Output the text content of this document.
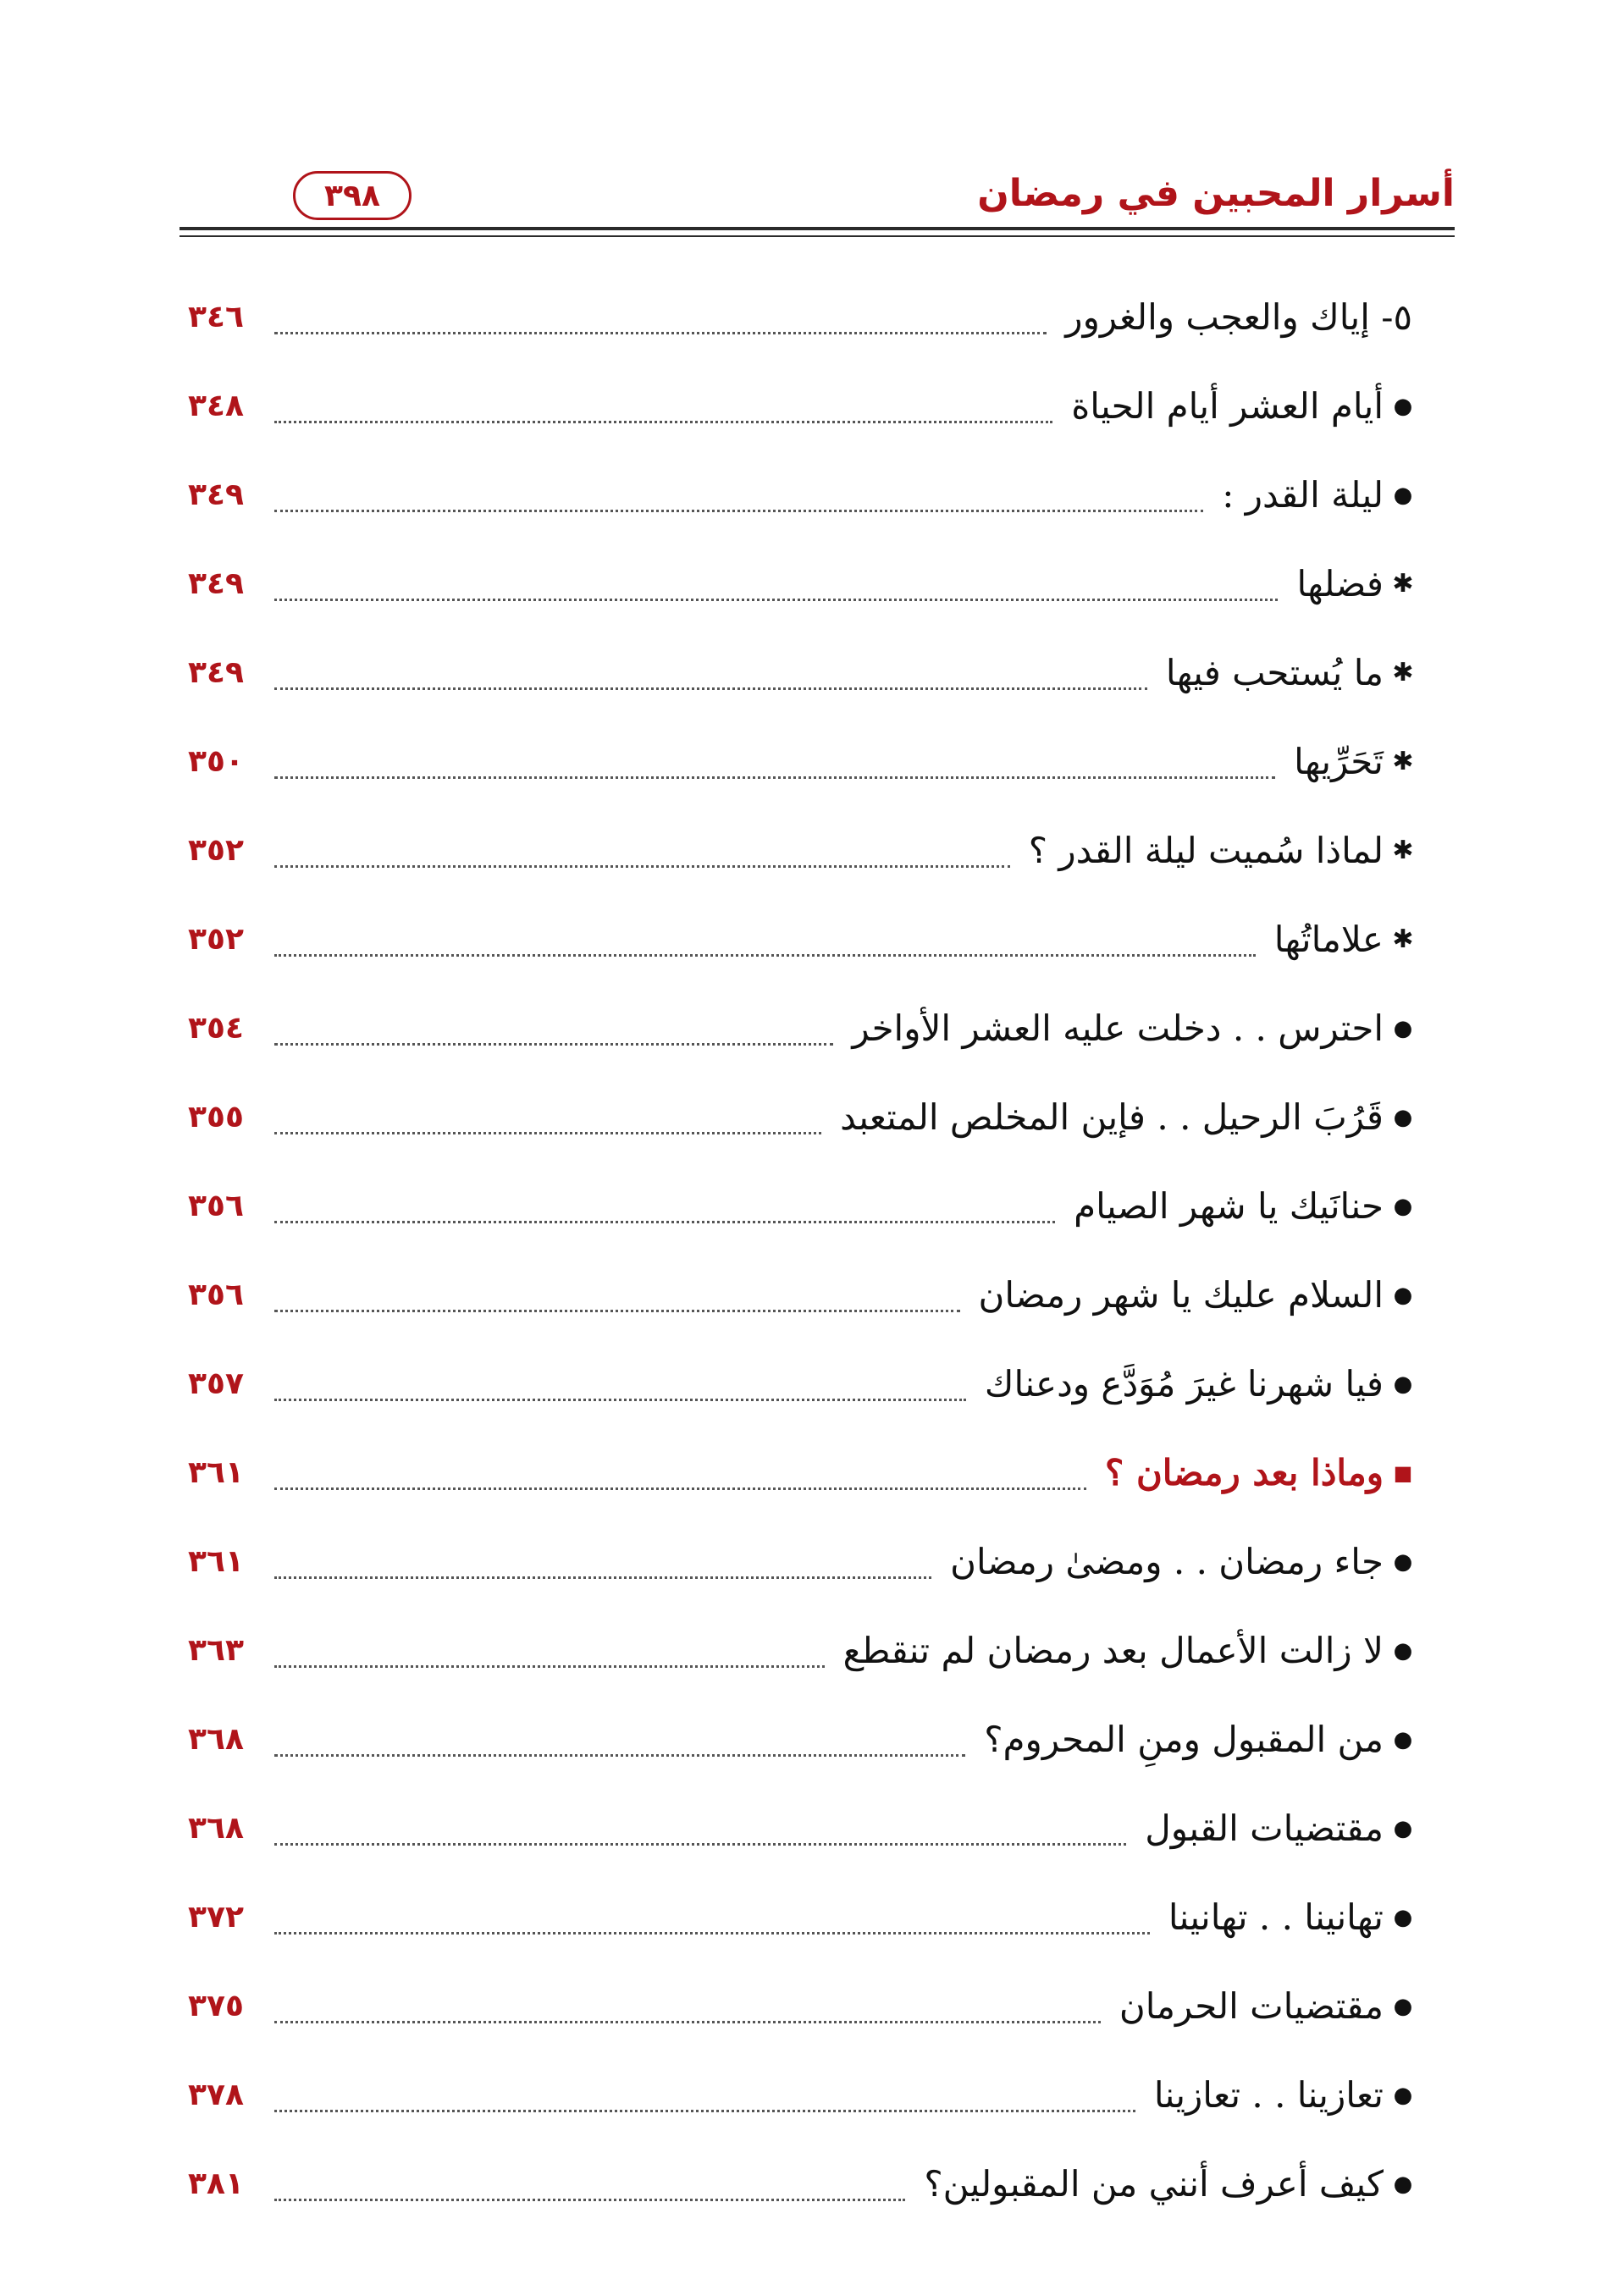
أسرار المحبين في رمضان
٣٩٨
٥- إياك والعجب والغرور
٣٤٦
●
أيام العشر أيام الحياة
٣٤٨
●
ليلة القدر :
٣٤٩
✱
فضلها
٣٤٩
✱
ما يُستحب فيها
٣٤٩
✱
تَحَرِّيها
٣٥٠
✱
لماذا سُميت ليلة القدر ؟
٣٥٢
✱
علاماتُها
٣٥٢
●
احترس . . دخلت عليه العشر الأواخر
٣٥٤
●
قَرُبَ الرحيل . . فإين المخلص المتعبد
٣٥٥
●
حنانَيك يا شهر الصيام
٣٥٦
●
السلام عليك يا شهر رمضان
٣٥٦
●
فيا شهرنا غيرَ مُوَدَّع ودعناك
٣٥٧
■
وماذا بعد رمضان ؟
٣٦١
●
جاء رمضان . . ومضىٰ رمضان
٣٦١
●
لا زالت الأعمال بعد رمضان لم تنقطع
٣٦٣
●
من المقبول ومنِ المحروم؟
٣٦٨
●
مقتضيات القبول
٣٦٨
●
تهانينا . . تهانينا
٣٧٢
●
مقتضيات الحرمان
٣٧٥
●
تعازينا . . تعازينا
٣٧٨
●
كيف أعرف أنني من المقبولين؟
٣٨١
